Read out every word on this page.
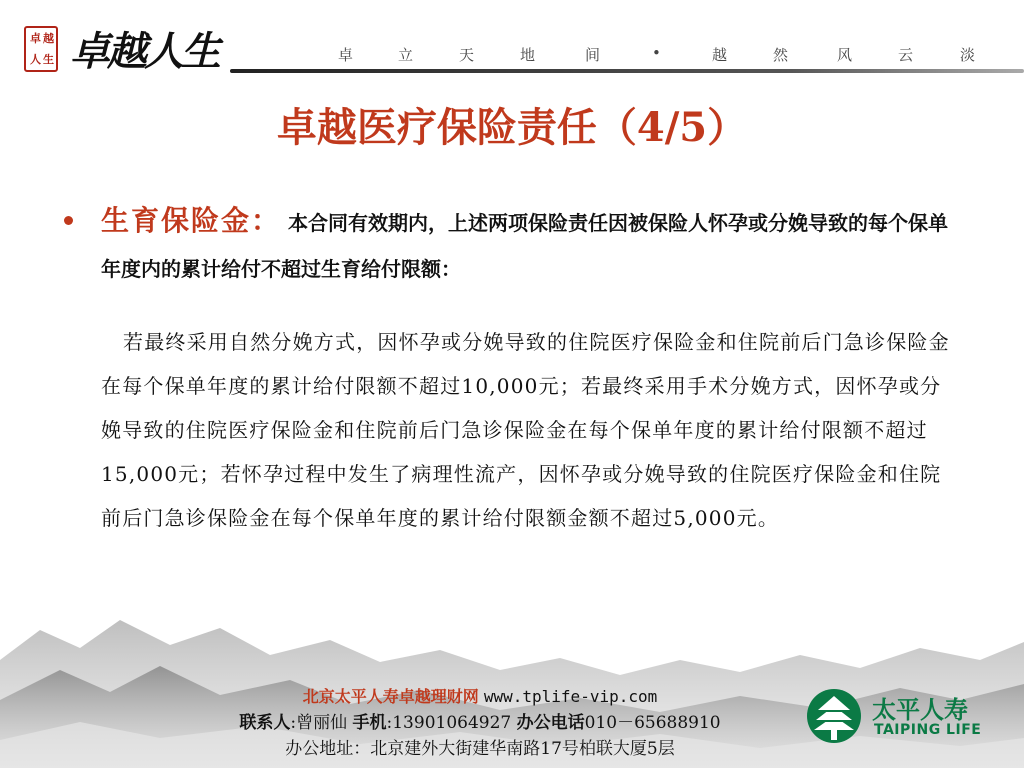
卓 越
人 生 卓越人生	卓	立	天	地	间	•	越	然	风	云	淡
卓越医疗保险责任（4/5）
生育保险金： 本合同有效期内，上述两项保险责任因被保险人怀孕或分娩导致的每个保单年度内的累计给付不超过生育给付限额：
若最终采用自然分娩方式，因怀孕或分娩导致的住院医疗保险金和住院前后门急诊保险金在每个保单年度的累计给付限额不超过10,000元；若最终采用手术分娩方式，因怀孕或分娩导致的住院医疗保险金和住院前后门急诊保险金在每个保单年度的累计给付限额不超过15,000元；若怀孕过程中发生了病理性流产，因怀孕或分娩导致的住院医疗保险金和住院前后门急诊保险金在每个保单年度的累计给付限额金额不超过5,000元。
北京太平人寿卓越理财网 www.tplife-vip.com
联系人:曾丽仙 手机:13901064927 办公电话010－65688910
办公地址：北京建外大街建华南路17号柏联大厦5层
太平人寿
TAIPING LIFE
